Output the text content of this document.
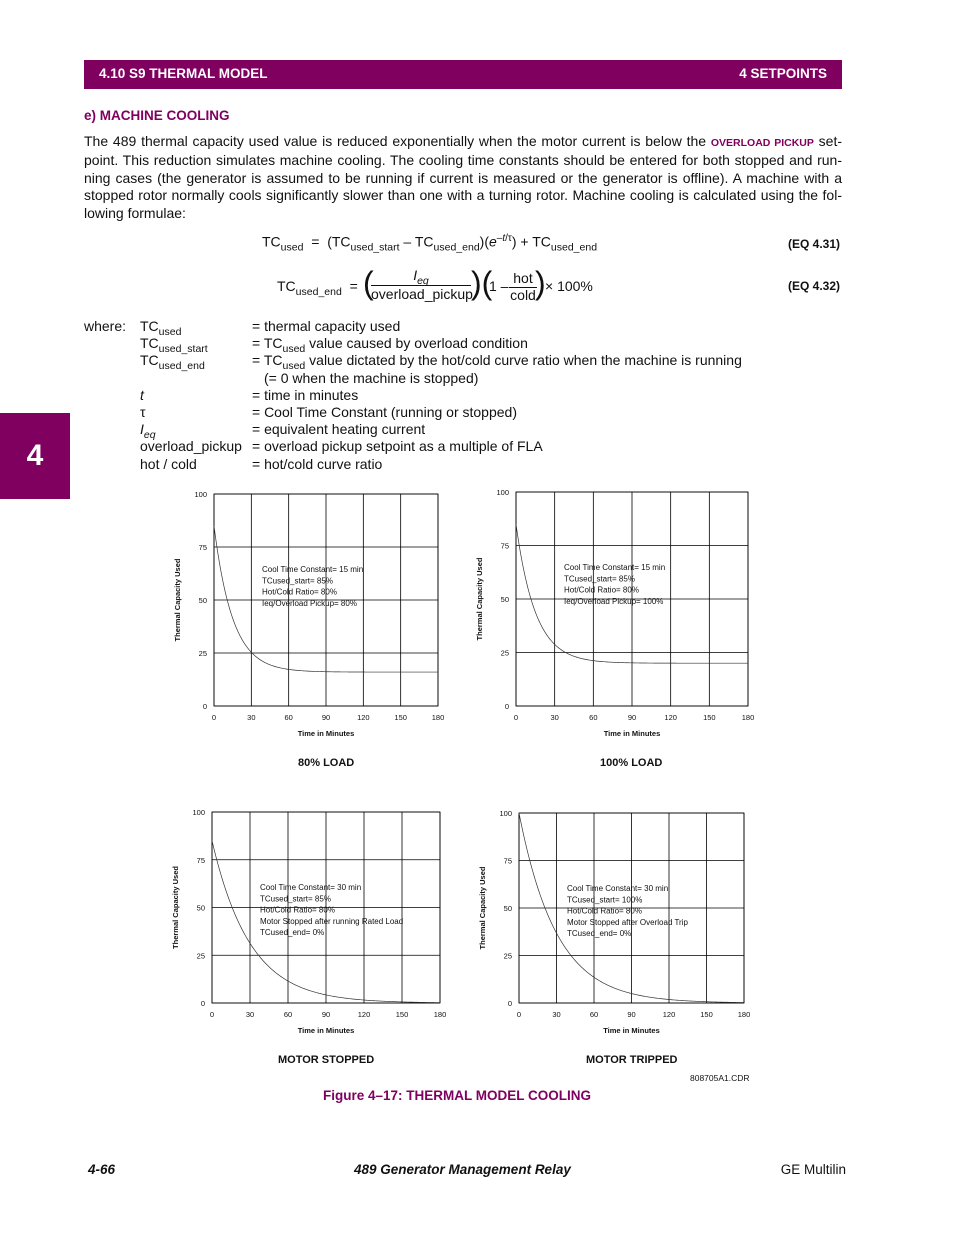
4.10 S9 THERMAL MODEL	4 SETPOINTS
4
e) MACHINE COOLING
The 489 thermal capacity used value is reduced exponentially when the motor current is below the OVERLOAD PICKUP set-point. This reduction simulates machine cooling. The cooling time constants should be entered for both stopped and run-ning cases (the generator is assumed to be running if current is measured or the generator is offline). A machine with a stopped rotor normally cools significantly slower than one with a turning rotor. Machine cooling is calculated using the fol-lowing formulae:
$TC_{used} = (TC_{used\_start} - TC_{used\_end})(e^{-t/\tau}) + TC_{used\_end}$	(EQ 4.31)
$TC_{used\_end}$  = (	$I_{eq}$
overload_pickup
)(
1 – hot
cold ) × 100%	(EQ 4.32)
where: $TC_{used}$	= thermal capacity used
$TC_{used\_start}$	= $TC_{used}$ value caused by overload condition
$TC_{used\_end}$	= $TC_{used}$ value dictated by the hot/cold curve ratio when the machine is running
(= 0 when the machine is stopped)
t	= time in minutes
τ	= Cool Time Constant (running or stopped)
$I_{eq}$	= equivalent heating current
overload_pickup = overload pickup setpoint as a multiple of FLA
hot / cold	= hot/cold curve ratio
0	30	60	90	120	150	180
0
25
50
75
100
Time in Minutes
Thermal Capacity Used	Cool Time Constant= 15 min
TCused_start= 85%
Hot/Cold Ratio= 80%
Ieq/Overload Pickup= 80%
0	30	60	90	120	150	180
0
25
50
75
100
Time in Minutes
Thermal Capacity Used	Cool Time Constant= 15 min
TCused_start= 85%
Hot/Cold Ratio= 80%
Ieq/Overload Pickup= 100%
0	30	60	90	120	150	180
0
25
50
75
100
Time in Minutes
Thermal Capacity Used	Cool Time Constant= 30 min
TCused_start= 85%
Hot/Cold Ratio= 80%
Motor Stopped after running Rated Load
TCused_end= 0%
0	30	60	90	120	150	180
0
25
50
75
100
Time in Minutes
Thermal Capacity Used	Cool Time Constant= 30 min
TCused_start= 100%
Hot/Cold Ratio= 80%
Motor Stopped after Overload Trip
TCused_end= 0%
80% LOAD	100% LOAD
MOTOR STOPPED	MOTOR TRIPPED
808705A1.CDR
Figure 4–17: THERMAL MODEL COOLING
4-66	489 Generator Management Relay	GE Multilin
